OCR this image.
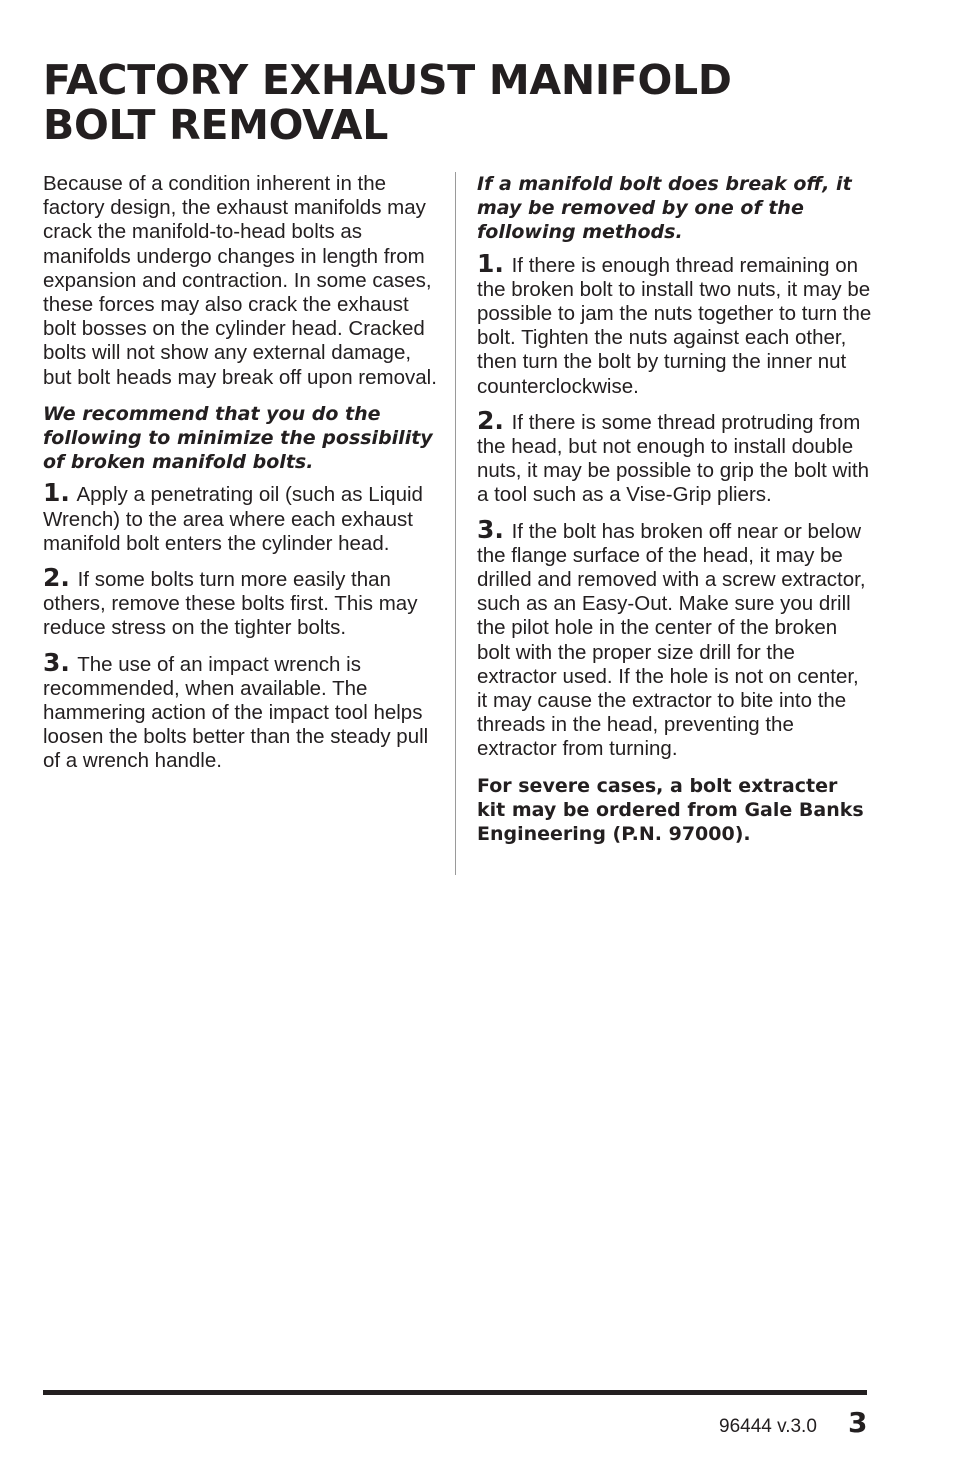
FACTORY EXHAUST MANIFOLD
BOLT REMOVAL

Because of a condition inherent in the factory design, the exhaust manifolds may crack the manifold-to-head bolts as manifolds undergo changes in length from expansion and contraction. In some cases, these forces may also crack the exhaust bolt bosses on the cylinder head. Cracked bolts will not show any external damage, but bolt heads may break off upon removal.

We recommend that you do the following to minimize the possibility of broken manifold bolts.

1. Apply a penetrating oil (such as Liquid Wrench) to the area where each exhaust manifold bolt enters the cylinder head.

2. If some bolts turn more easily than others, remove these bolts first. This may reduce stress on the tighter bolts.

3. The use of an impact wrench is recommended, when available. The hammering action of the impact tool helps loosen the bolts better than the steady pull of a wrench handle.

If a manifold bolt does break off, it may be removed by one of the following methods.

1. If there is enough thread remaining on the broken bolt to install two nuts, it may be possible to jam the nuts together to turn the bolt. Tighten the nuts against each other, then turn the bolt by turning the inner nut counterclockwise.

2. If there is some thread protruding from the head, but not enough to install double nuts, it may be possible to grip the bolt with a tool such as a Vise-Grip pliers.

3. If the bolt has broken off near or below the flange surface of the head, it may be drilled and removed with a screw extractor, such as an Easy-Out. Make sure you drill the pilot hole in the center of the broken bolt with the proper size drill for the extractor used. If the hole is not on center, it may cause the extractor to bite into the threads in the head, preventing the extractor from turning.

For severe cases, a bolt extracter kit may be ordered from Gale Banks Engineering (P.N. 97000).

96444 v.3.0 3
